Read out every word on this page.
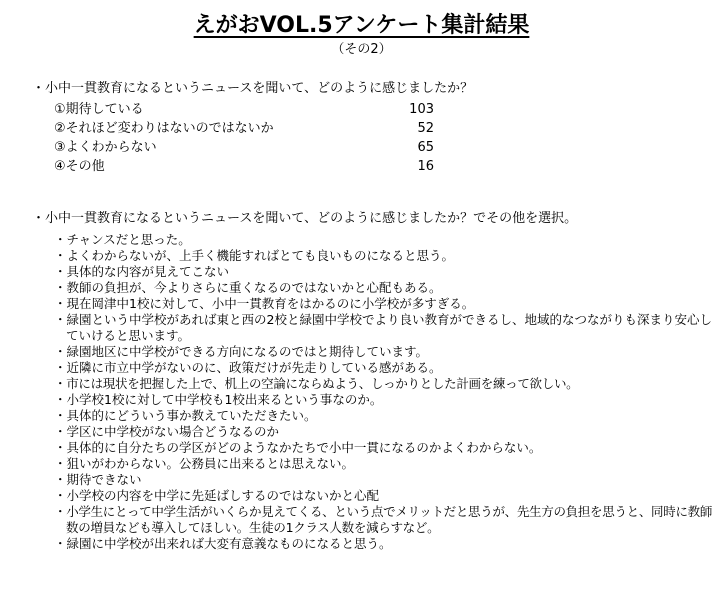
えがおVOL.5アンケート集計結果
（その2）
・小中一貫教育になるというニュースを聞いて、どのように感じましたか？
①期待している	103
②それほど変わりはないのではないか	52
③よくわからない	65
④その他	16
・小中一貫教育になるというニュースを聞いて、どのように感じましたか？でその他を選択。
・チャンスだと思った。
・よくわからないが、上手く機能すればとても良いものになると思う。
・具体的な内容が見えてこない
・教師の負担が、今よりさらに重くなるのではないかと心配もある。
・現在岡津中1校に対して、小中一貫教育をはかるのに小学校が多すぎる。
・緑園という中学校があれば東と西の2校と緑園中学校でより良い教育ができるし、地域的なつながりも深まり安心していけると思います。
・緑園地区に中学校ができる方向になるのではと期待しています。
・近隣に市立中学がないのに、政策だけが先走りしている感がある。
・市には現状を把握した上で、机上の空論にならぬよう、しっかりとした計画を練って欲しい。
・小学校1校に対して中学校も1校出来るという事なのか。
・具体的にどういう事か教えていただきたい。
・学区に中学校がない場合どうなるのか
・具体的に自分たちの学区がどのようなかたちで小中一貫になるのかよくわからない。
・狙いがわからない。公務員に出来るとは思えない。
・期待できない
・小学校の内容を中学に先延ばしするのではないかと心配
・小学生にとって中学生活がいくらか見えてくる、という点でメリットだと思うが、先生方の負担を思うと、同時に教師数の増員なども導入してほしい。生徒の1クラス人数を減らすなど。
・緑園に中学校が出来れば大変有意義なものになると思う。
